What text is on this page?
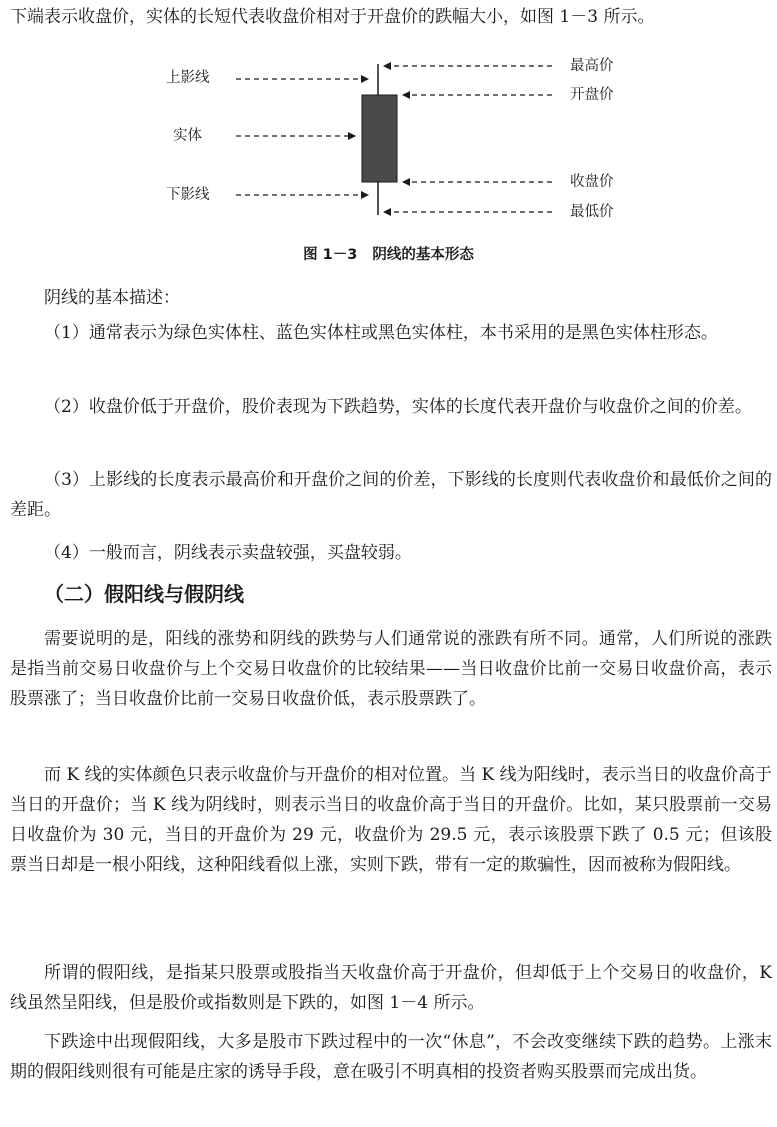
下端表示收盘价，实体的长短代表收盘价相对于开盘价的跌幅大小，如图 1－3 所示。

上影线
实体
下影线
最高价
开盘价
收盘价
最低价
图 1－3   阴线的基本形态

阴线的基本描述：

（1）通常表示为绿色实体柱、蓝色实体柱或黑色实体柱，本书采用的是黑色实体柱形态。

（2）收盘价低于开盘价，股价表现为下跌趋势，实体的长度代表开盘价与收盘价之间的价差。

（3）上影线的长度表示最高价和开盘价之间的价差，下影线的长度则代表收盘价和最低价之间的差距。

（4）一般而言，阴线表示卖盘较强，买盘较弱。

（二）假阳线与假阴线

需要说明的是，阳线的涨势和阴线的跌势与人们通常说的涨跌有所不同。通常，人们所说的涨跌是指当前交易日收盘价与上个交易日收盘价的比较结果——当日收盘价比前一交易日收盘价高，表示股票涨了；当日收盘价比前一交易日收盘价低，表示股票跌了。

而 K 线的实体颜色只表示收盘价与开盘价的相对位置。当 K 线为阳线时，表示当日的收盘价高于当日的开盘价；当 K 线为阴线时，则表示当日的收盘价高于当日的开盘价。比如，某只股票前一交易日收盘价为 30 元，当日的开盘价为 29 元，收盘价为 29.5 元，表示该股票下跌了 0.5 元；但该股票当日却是一根小阳线，这种阳线看似上涨，实则下跌，带有一定的欺骗性，因而被称为假阳线。

所谓的假阳线，是指某只股票或股指当天收盘价高于开盘价，但却低于上个交易日的收盘价，K 线虽然呈阳线，但是股价或指数则是下跌的，如图 1－4 所示。

下跌途中出现假阳线，大多是股市下跌过程中的一次“休息”，不会改变继续下跌的趋势。上涨末期的假阳线则很有可能是庄家的诱导手段，意在吸引不明真相的投资者购买股票而完成出货。
